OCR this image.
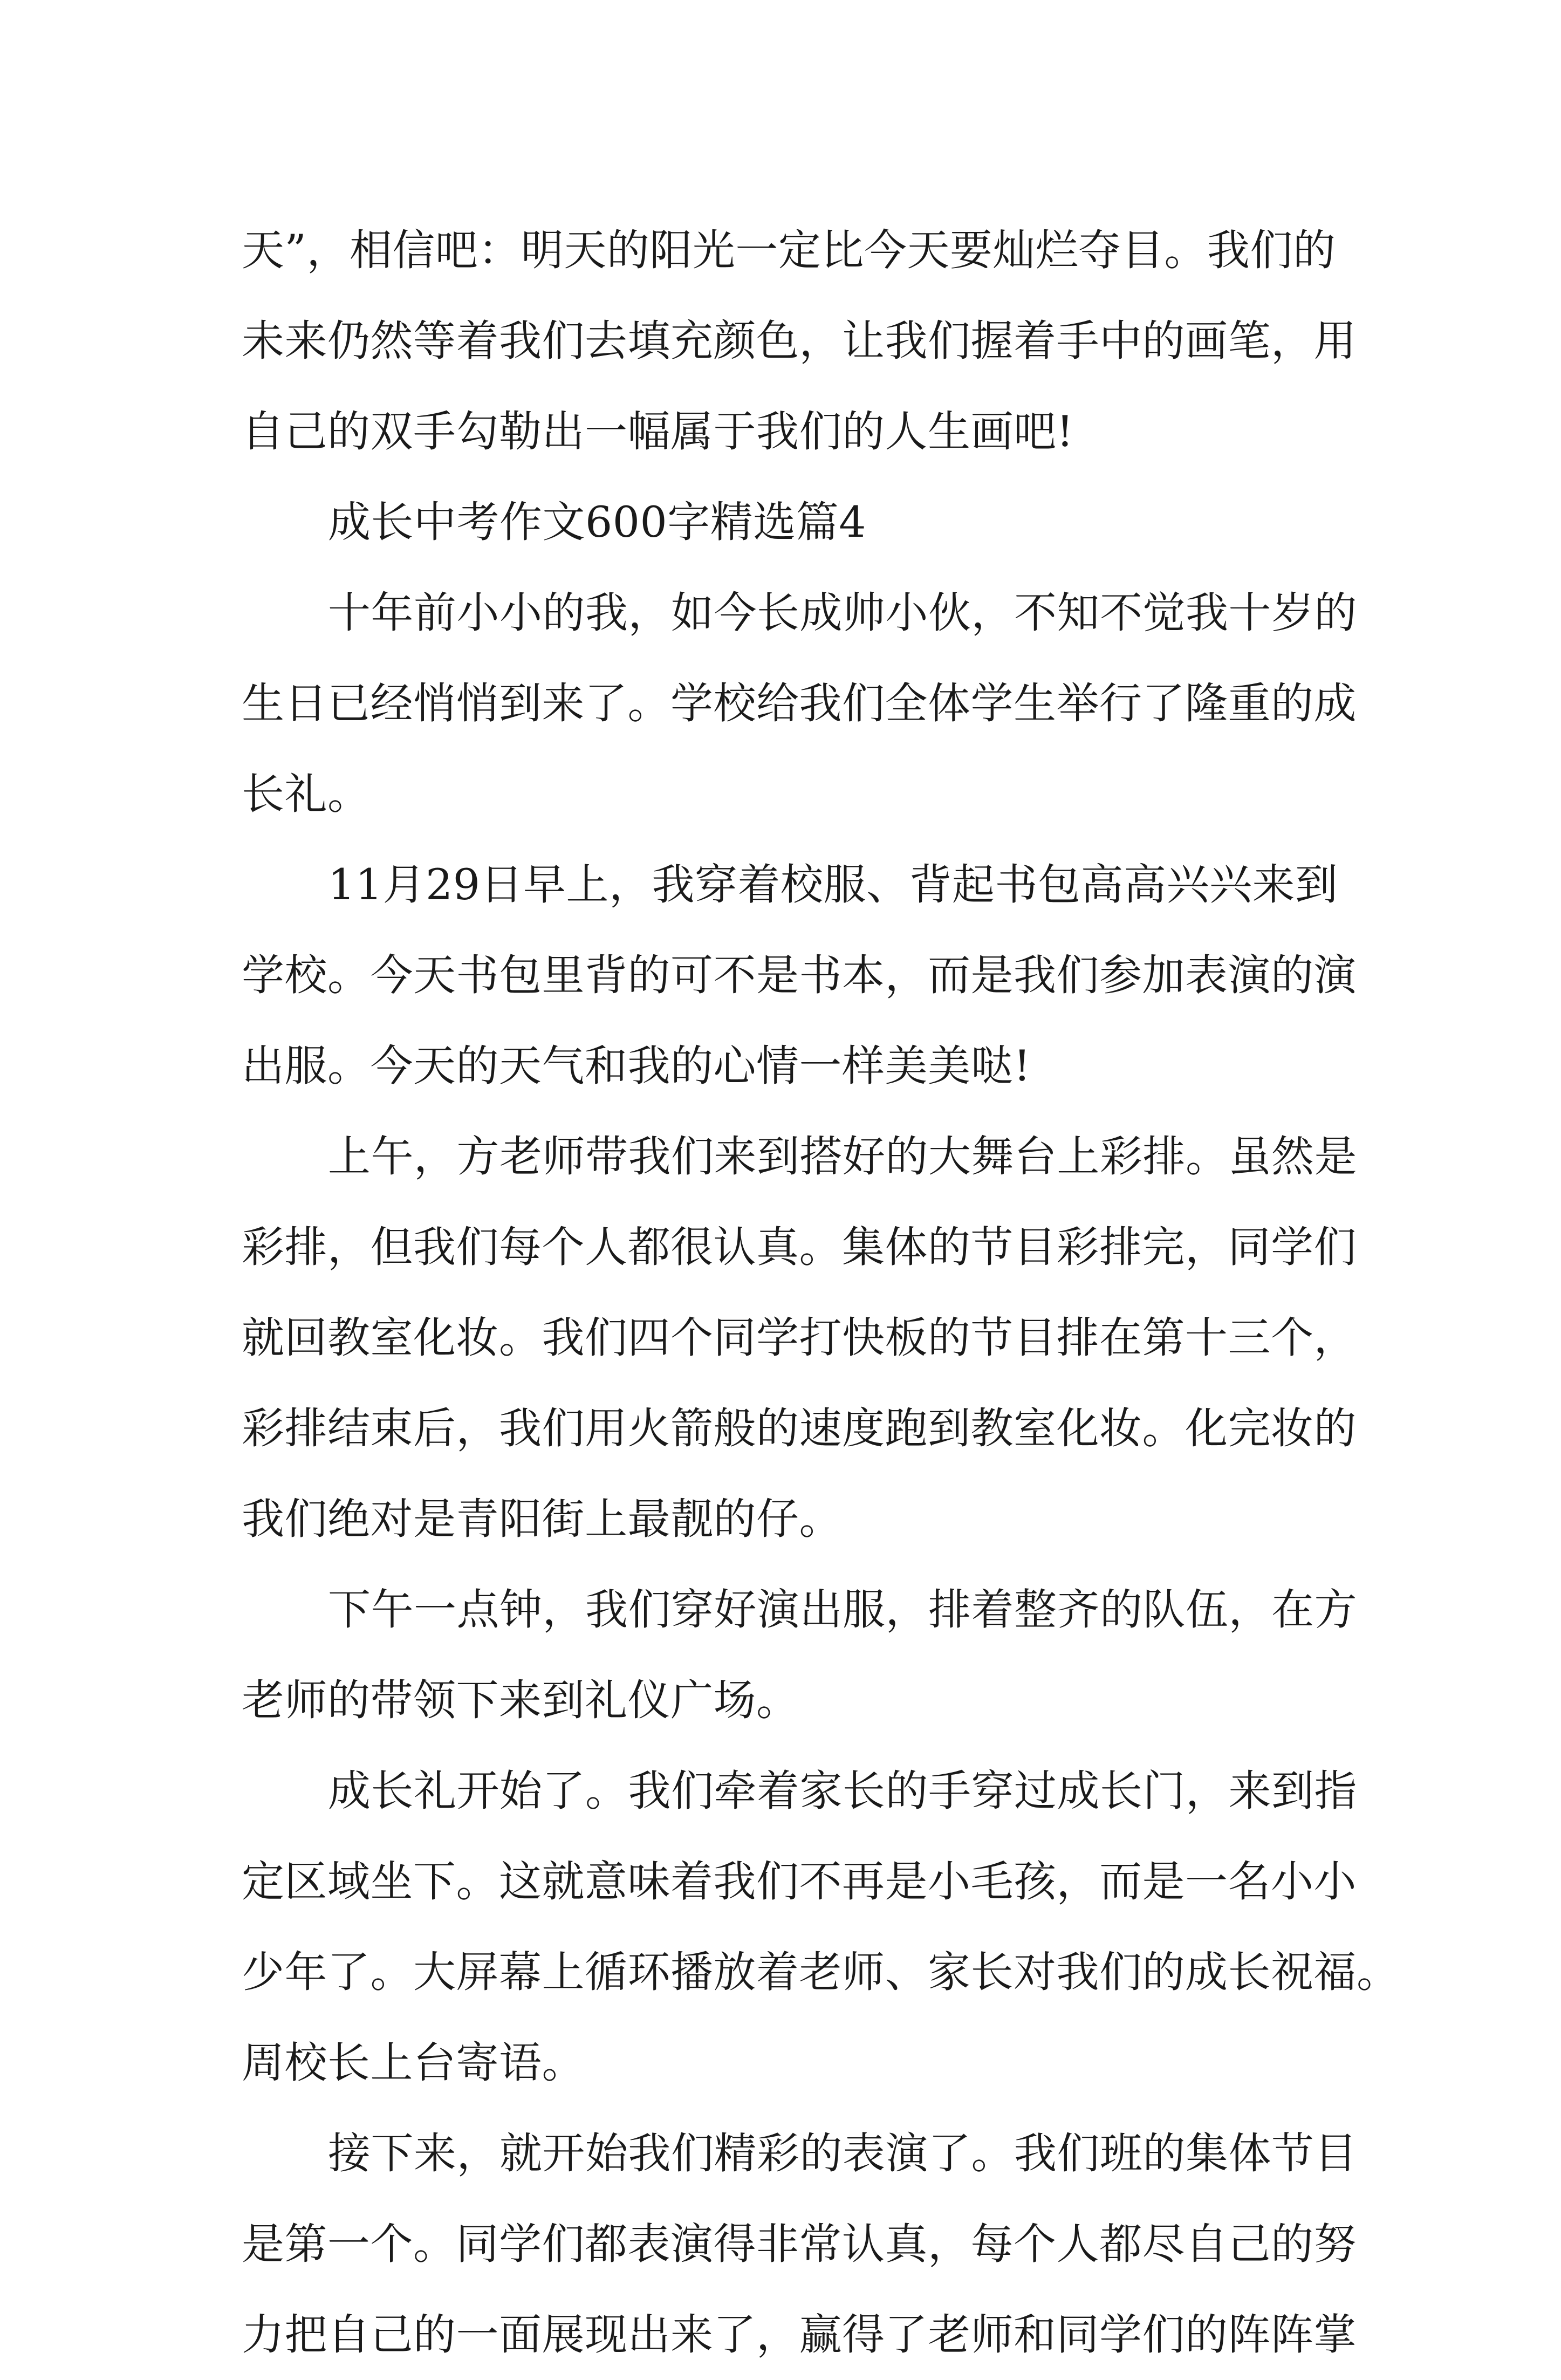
天”，相信吧：明天的阳光一定比今天要灿烂夺目。我们的
未来仍然等着我们去填充颜色，让我们握着手中的画笔，用
自己的双手勾勒出一幅属于我们的人生画吧!
成长中考作文600字精选篇4
十年前小小的我，如今长成帅小伙，不知不觉我十岁的
生日已经悄悄到来了。学校给我们全体学生举行了隆重的成
长礼。
11月29日早上，我穿着校服、背起书包高高兴兴来到
学校。今天书包里背的可不是书本，而是我们参加表演的演
出服。今天的天气和我的心情一样美美哒!
上午，方老师带我们来到搭好的大舞台上彩排。虽然是
彩排，但我们每个人都很认真。集体的节目彩排完，同学们
就回教室化妆。我们四个同学打快板的节目排在第十三个，
彩排结束后，我们用火箭般的速度跑到教室化妆。化完妆的
我们绝对是青阳街上最靓的仔。
下午一点钟，我们穿好演出服，排着整齐的队伍，在方
老师的带领下来到礼仪广场。
成长礼开始了。我们牵着家长的手穿过成长门，来到指
定区域坐下。这就意味着我们不再是小毛孩，而是一名小小
少年了。大屏幕上循环播放着老师、家长对我们的成长祝福。
周校长上台寄语。
接下来，就开始我们精彩的表演了。我们班的集体节目
是第一个。同学们都表演得非常认真，每个人都尽自己的努
力把自己的一面展现出来了，赢得了老师和同学们的阵阵掌
